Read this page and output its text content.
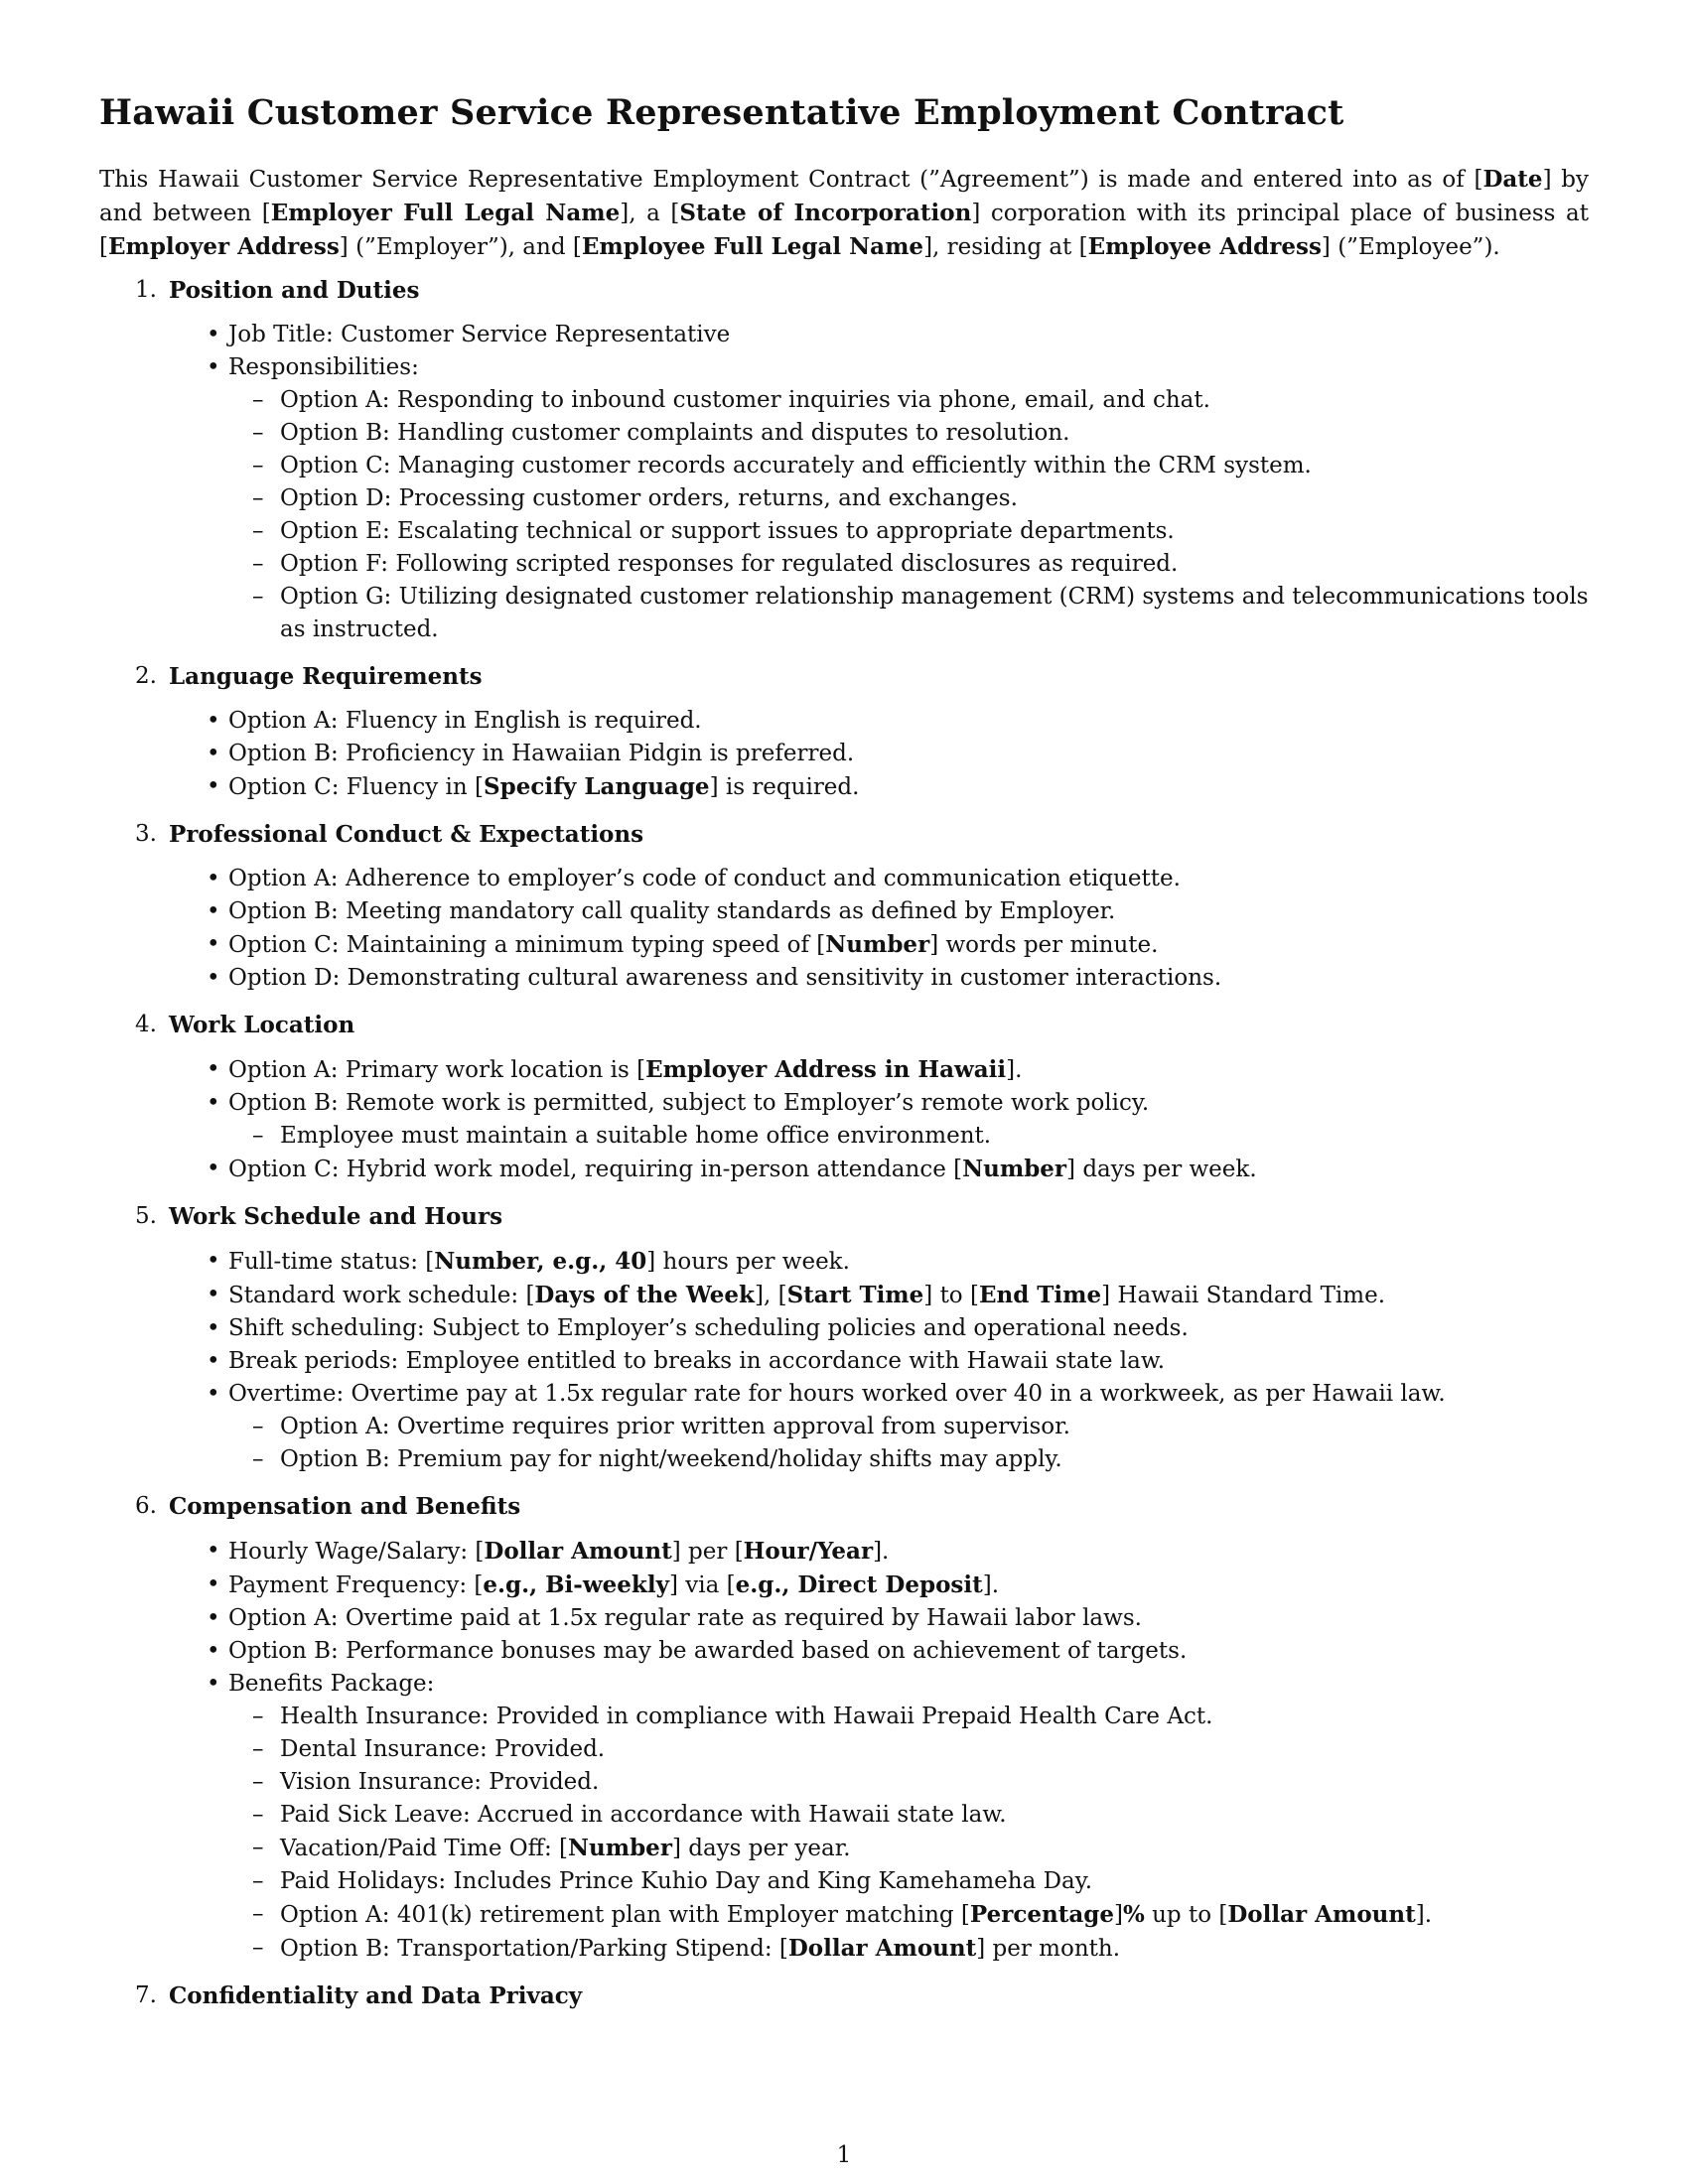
Hawaii Customer Service Representative Employment Contract

This Hawaii Customer Service Representative Employment Contract (”Agreement”) is made and entered into as of [Date] by and between [Employer Full Legal Name], a [State of Incorporation] corporation with its principal place of business at [Employer Address] (”Employer”), and [Employee Full Legal Name], residing at [Employee Address] (”Employee”).

1. Position and Duties
• Job Title: Customer Service Representative
• Responsibilities:
– Option A: Responding to inbound customer inquiries via phone, email, and chat.
– Option B: Handling customer complaints and disputes to resolution.
– Option C: Managing customer records accurately and efficiently within the CRM system.
– Option D: Processing customer orders, returns, and exchanges.
– Option E: Escalating technical or support issues to appropriate departments.
– Option F: Following scripted responses for regulated disclosures as required.
– Option G: Utilizing designated customer relationship management (CRM) systems and telecommunications tools as instructed.
2. Language Requirements
• Option A: Fluency in English is required.
• Option B: Proficiency in Hawaiian Pidgin is preferred.
• Option C: Fluency in [Specify Language] is required.
3. Professional Conduct & Expectations
• Option A: Adherence to employer’s code of conduct and communication etiquette.
• Option B: Meeting mandatory call quality standards as defined by Employer.
• Option C: Maintaining a minimum typing speed of [Number] words per minute.
• Option D: Demonstrating cultural awareness and sensitivity in customer interactions.
4. Work Location
• Option A: Primary work location is [Employer Address in Hawaii].
• Option B: Remote work is permitted, subject to Employer’s remote work policy.
– Employee must maintain a suitable home office environment.
• Option C: Hybrid work model, requiring in-person attendance [Number] days per week.
5. Work Schedule and Hours
• Full-time status: [Number, e.g., 40] hours per week.
• Standard work schedule: [Days of the Week], [Start Time] to [End Time] Hawaii Standard Time.
• Shift scheduling: Subject to Employer’s scheduling policies and operational needs.
• Break periods: Employee entitled to breaks in accordance with Hawaii state law.
• Overtime: Overtime pay at 1.5x regular rate for hours worked over 40 in a workweek, as per Hawaii law.
– Option A: Overtime requires prior written approval from supervisor.
– Option B: Premium pay for night/weekend/holiday shifts may apply.
6. Compensation and Benefits
• Hourly Wage/Salary: [Dollar Amount] per [Hour/Year].
• Payment Frequency: [e.g., Bi-weekly] via [e.g., Direct Deposit].
• Option A: Overtime paid at 1.5x regular rate as required by Hawaii labor laws.
• Option B: Performance bonuses may be awarded based on achievement of targets.
• Benefits Package:
– Health Insurance: Provided in compliance with Hawaii Prepaid Health Care Act.
– Dental Insurance: Provided.
– Vision Insurance: Provided.
– Paid Sick Leave: Accrued in accordance with Hawaii state law.
– Vacation/Paid Time Off: [Number] days per year.
– Paid Holidays: Includes Prince Kuhio Day and King Kamehameha Day.
– Option A: 401(k) retirement plan with Employer matching [Percentage]% up to [Dollar Amount].
– Option B: Transportation/Parking Stipend: [Dollar Amount] per month.
7. Confidentiality and Data Privacy
1
